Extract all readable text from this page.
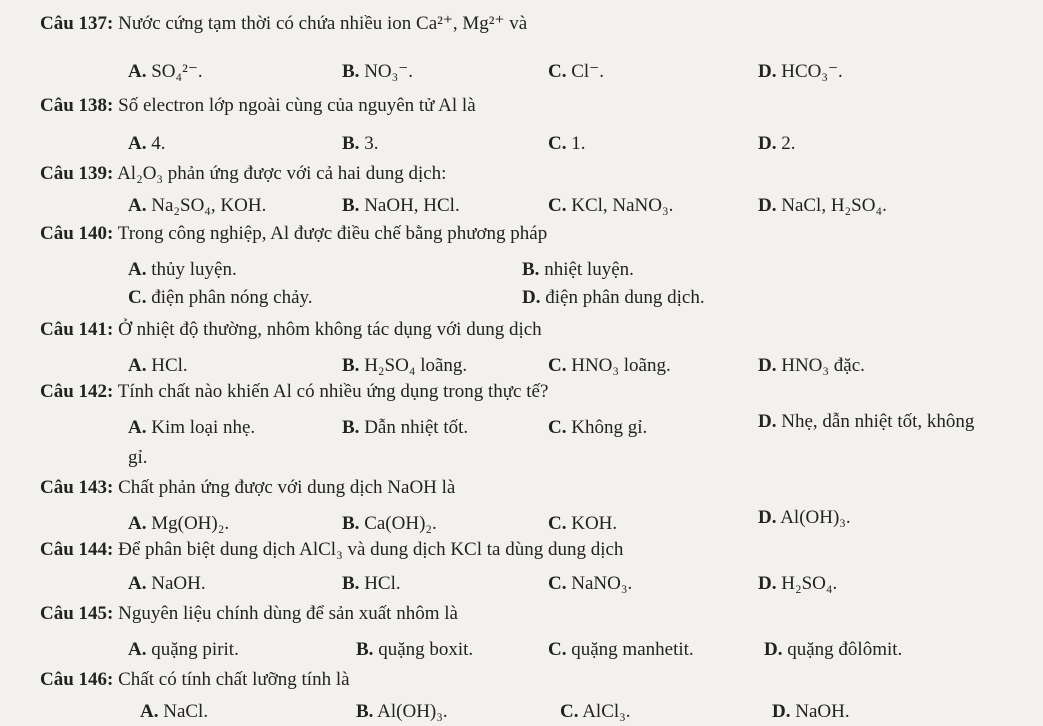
Câu 137: Nước cứng tạm thời có chứa nhiều ion Ca²⁺, Mg²⁺ và
A. SO₄²⁻.	B. NO₃⁻.	C. Cl⁻.	D. HCO₃⁻.
Câu 138: Số electron lớp ngoài cùng của nguyên tử Al là
A. 4.	B. 3.	C. 1.	D. 2.
Câu 139: Al₂O₃ phản ứng được với cả hai dung dịch:
A. Na₂SO₄, KOH.	B. NaOH, HCl.	C. KCl, NaNO₃.	D. NaCl, H₂SO₄.
Câu 140: Trong công nghiệp, Al được điều chế bằng phương pháp
A. thủy luyện.	B. nhiệt luyện.
C. điện phân nóng chảy.	D. điện phân dung dịch.
Câu 141: Ở nhiệt độ thường, nhôm không tác dụng với dung dịch
A. HCl.	B. H₂SO₄ loãng.	C. HNO₃ loãng.	D. HNO₃ đặc.
Câu 142: Tính chất nào khiến Al có nhiều ứng dụng trong thực tế?
A. Kim loại nhẹ.	B. Dẫn nhiệt tốt.	C. Không gỉ.	D. Nhẹ, dẫn nhiệt tốt, không
gỉ.
Câu 143: Chất phản ứng được với dung dịch NaOH là
A. Mg(OH)₂.	B. Ca(OH)₂.	C. KOH.	D. Al(OH)₃.
Câu 144: Để phân biệt dung dịch AlCl₃ và dung dịch KCl ta dùng dung dịch
A. NaOH.	B. HCl.	C. NaNO₃.	D. H₂SO₄.
Câu 145: Nguyên liệu chính dùng để sản xuất nhôm là
A. quặng pirit.	B. quặng boxit.	C. quặng manhetit.	D. quặng đôlômit.
Câu 146: Chất có tính chất lưỡng tính là
A. NaCl.	B. Al(OH)₃.	C. AlCl₃.	D. NaOH.
